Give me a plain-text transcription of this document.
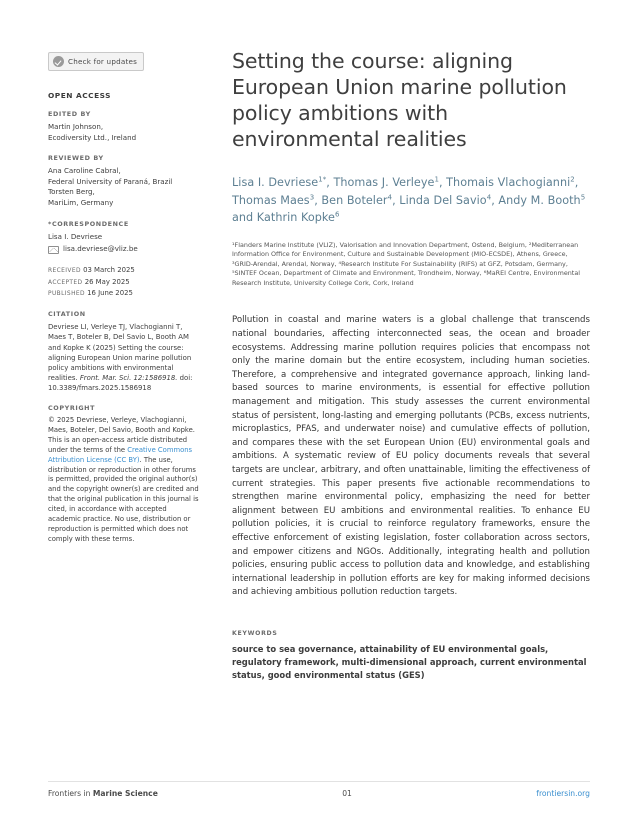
Check for updates
OPEN ACCESS
EDITED BY
Martin Johnson,
Ecodiversity Ltd., Ireland
REVIEWED BY
Ana Caroline Cabral,
Federal University of Paraná, Brazil
Torsten Berg,
MariLim, Germany
*CORRESPONDENCE
Lisa I. Devriese
lisa.devriese@vliz.be
RECEIVED 03 March 2025
ACCEPTED 26 May 2025
PUBLISHED 16 June 2025
CITATION
Devriese LI, Verleye TJ, Vlachogianni T, Maes T, Boteler B, Del Savio L, Booth AM and Kopke K (2025) Setting the course: aligning European Union marine pollution policy ambitions with environmental realities. Front. Mar. Sci. 12:1586918. doi: 10.3389/fmars.2025.1586918
COPYRIGHT
© 2025 Devriese, Verleye, Vlachogianni, Maes, Boteler, Del Savio, Booth and Kopke. This is an open-access article distributed under the terms of the Creative Commons Attribution License (CC BY). The use, distribution or reproduction in other forums is permitted, provided the original author(s) and the copyright owner(s) are credited and that the original publication in this journal is cited, in accordance with accepted academic practice. No use, distribution or reproduction is permitted which does not comply with these terms.
Setting the course: aligning European Union marine pollution policy ambitions with environmental realities
Lisa I. Devriese$^{1*}$, Thomas J. Verleye$^1$, Thomais Vlachogianni$^2$, Thomas Maes$^3$, Ben Boteler$^4$, Linda Del Savio$^4$, Andy M. Booth$^5$ and Kathrin Kopke$^6$
¹Flanders Marine Institute (VLIZ), Valorisation and Innovation Department, Ostend, Belgium, ²Mediterranean Information Office for Environment, Culture and Sustainable Development (MIO-ECSDE), Athens, Greece, ³GRID-Arendal, Arendal, Norway, ⁴Research Institute For Sustainability (RIFS) at GFZ, Potsdam, Germany, ⁵SINTEF Ocean, Department of Climate and Environment, Trondheim, Norway, ⁶MaREI Centre, Environmental Research Institute, University College Cork, Cork, Ireland
Pollution in coastal and marine waters is a global challenge that transcends national boundaries, affecting interconnected seas, the ocean and broader ecosystems. Addressing marine pollution requires policies that encompass not only the marine domain but the entire ecosystem, including human societies. Therefore, a comprehensive and integrated governance approach, linking land-based sources to marine environments, is essential for effective pollution management and mitigation. This study assesses the current environmental status of persistent, long-lasting and emerging pollutants (PCBs, excess nutrients, microplastics, PFAS, and underwater noise) and cumulative effects of pollution, and compares these with the set European Union (EU) environmental goals and ambitions. A systematic review of EU policy documents reveals that several targets are unclear, arbitrary, and often unattainable, limiting the effectiveness of current strategies. This paper presents five actionable recommendations to strengthen marine environmental policy, emphasizing the need for better alignment between EU ambitions and environmental realities. To enhance EU pollution policies, it is crucial to reinforce regulatory frameworks, ensure the effective enforcement of existing legislation, foster collaboration across sectors, and empower citizens and NGOs. Additionally, integrating health and pollution policies, ensuring public access to pollution data and knowledge, and establishing international leadership in pollution efforts are key for making informed decisions and achieving ambitious pollution reduction targets.
KEYWORDS
source to sea governance, attainability of EU environmental goals, regulatory framework, multi-dimensional approach, current environmental status, good environmental status (GES)
Frontiers in Marine Science	01	frontiersin.org
